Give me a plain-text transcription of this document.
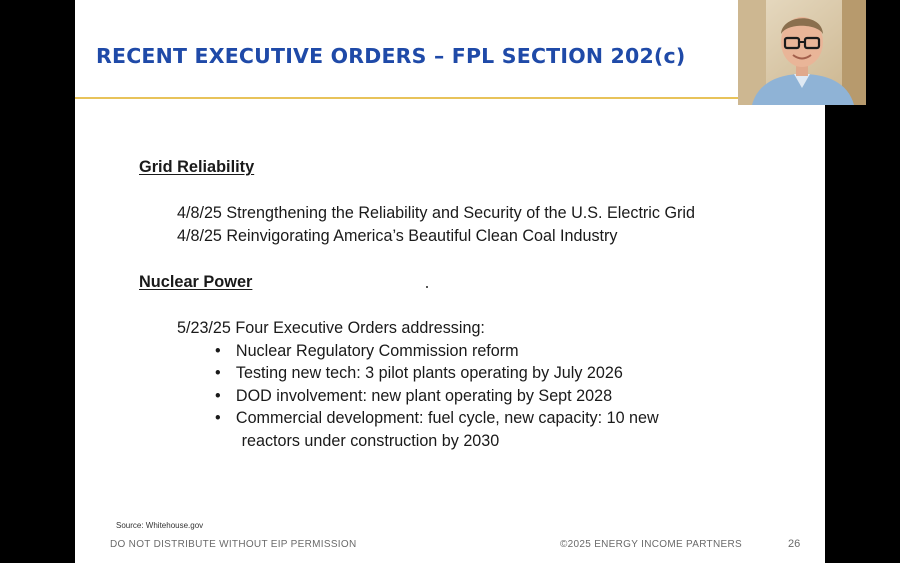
RECENT EXECUTIVE ORDERS – FPL SECTION 202(c)

Grid Reliability

4/8/25 Strengthening the Reliability and Security of the U.S. Electric Grid
4/8/25 Reinvigorating America’s Beautiful Clean Coal Industry

Nuclear Power

5/23/25 Four Executive Orders addressing:
• Nuclear Regulatory Commission reform
• Testing new tech: 3 pilot plants operating by July 2026
• DOD involvement: new plant operating by Sept 2028
• Commercial development: fuel cycle, new capacity: 10 new
reactors under construction by 2030
Source: Whitehouse.gov
DO NOT DISTRIBUTE WITHOUT EIP PERMISSION	©2025 ENERGY INCOME PARTNERS	26
